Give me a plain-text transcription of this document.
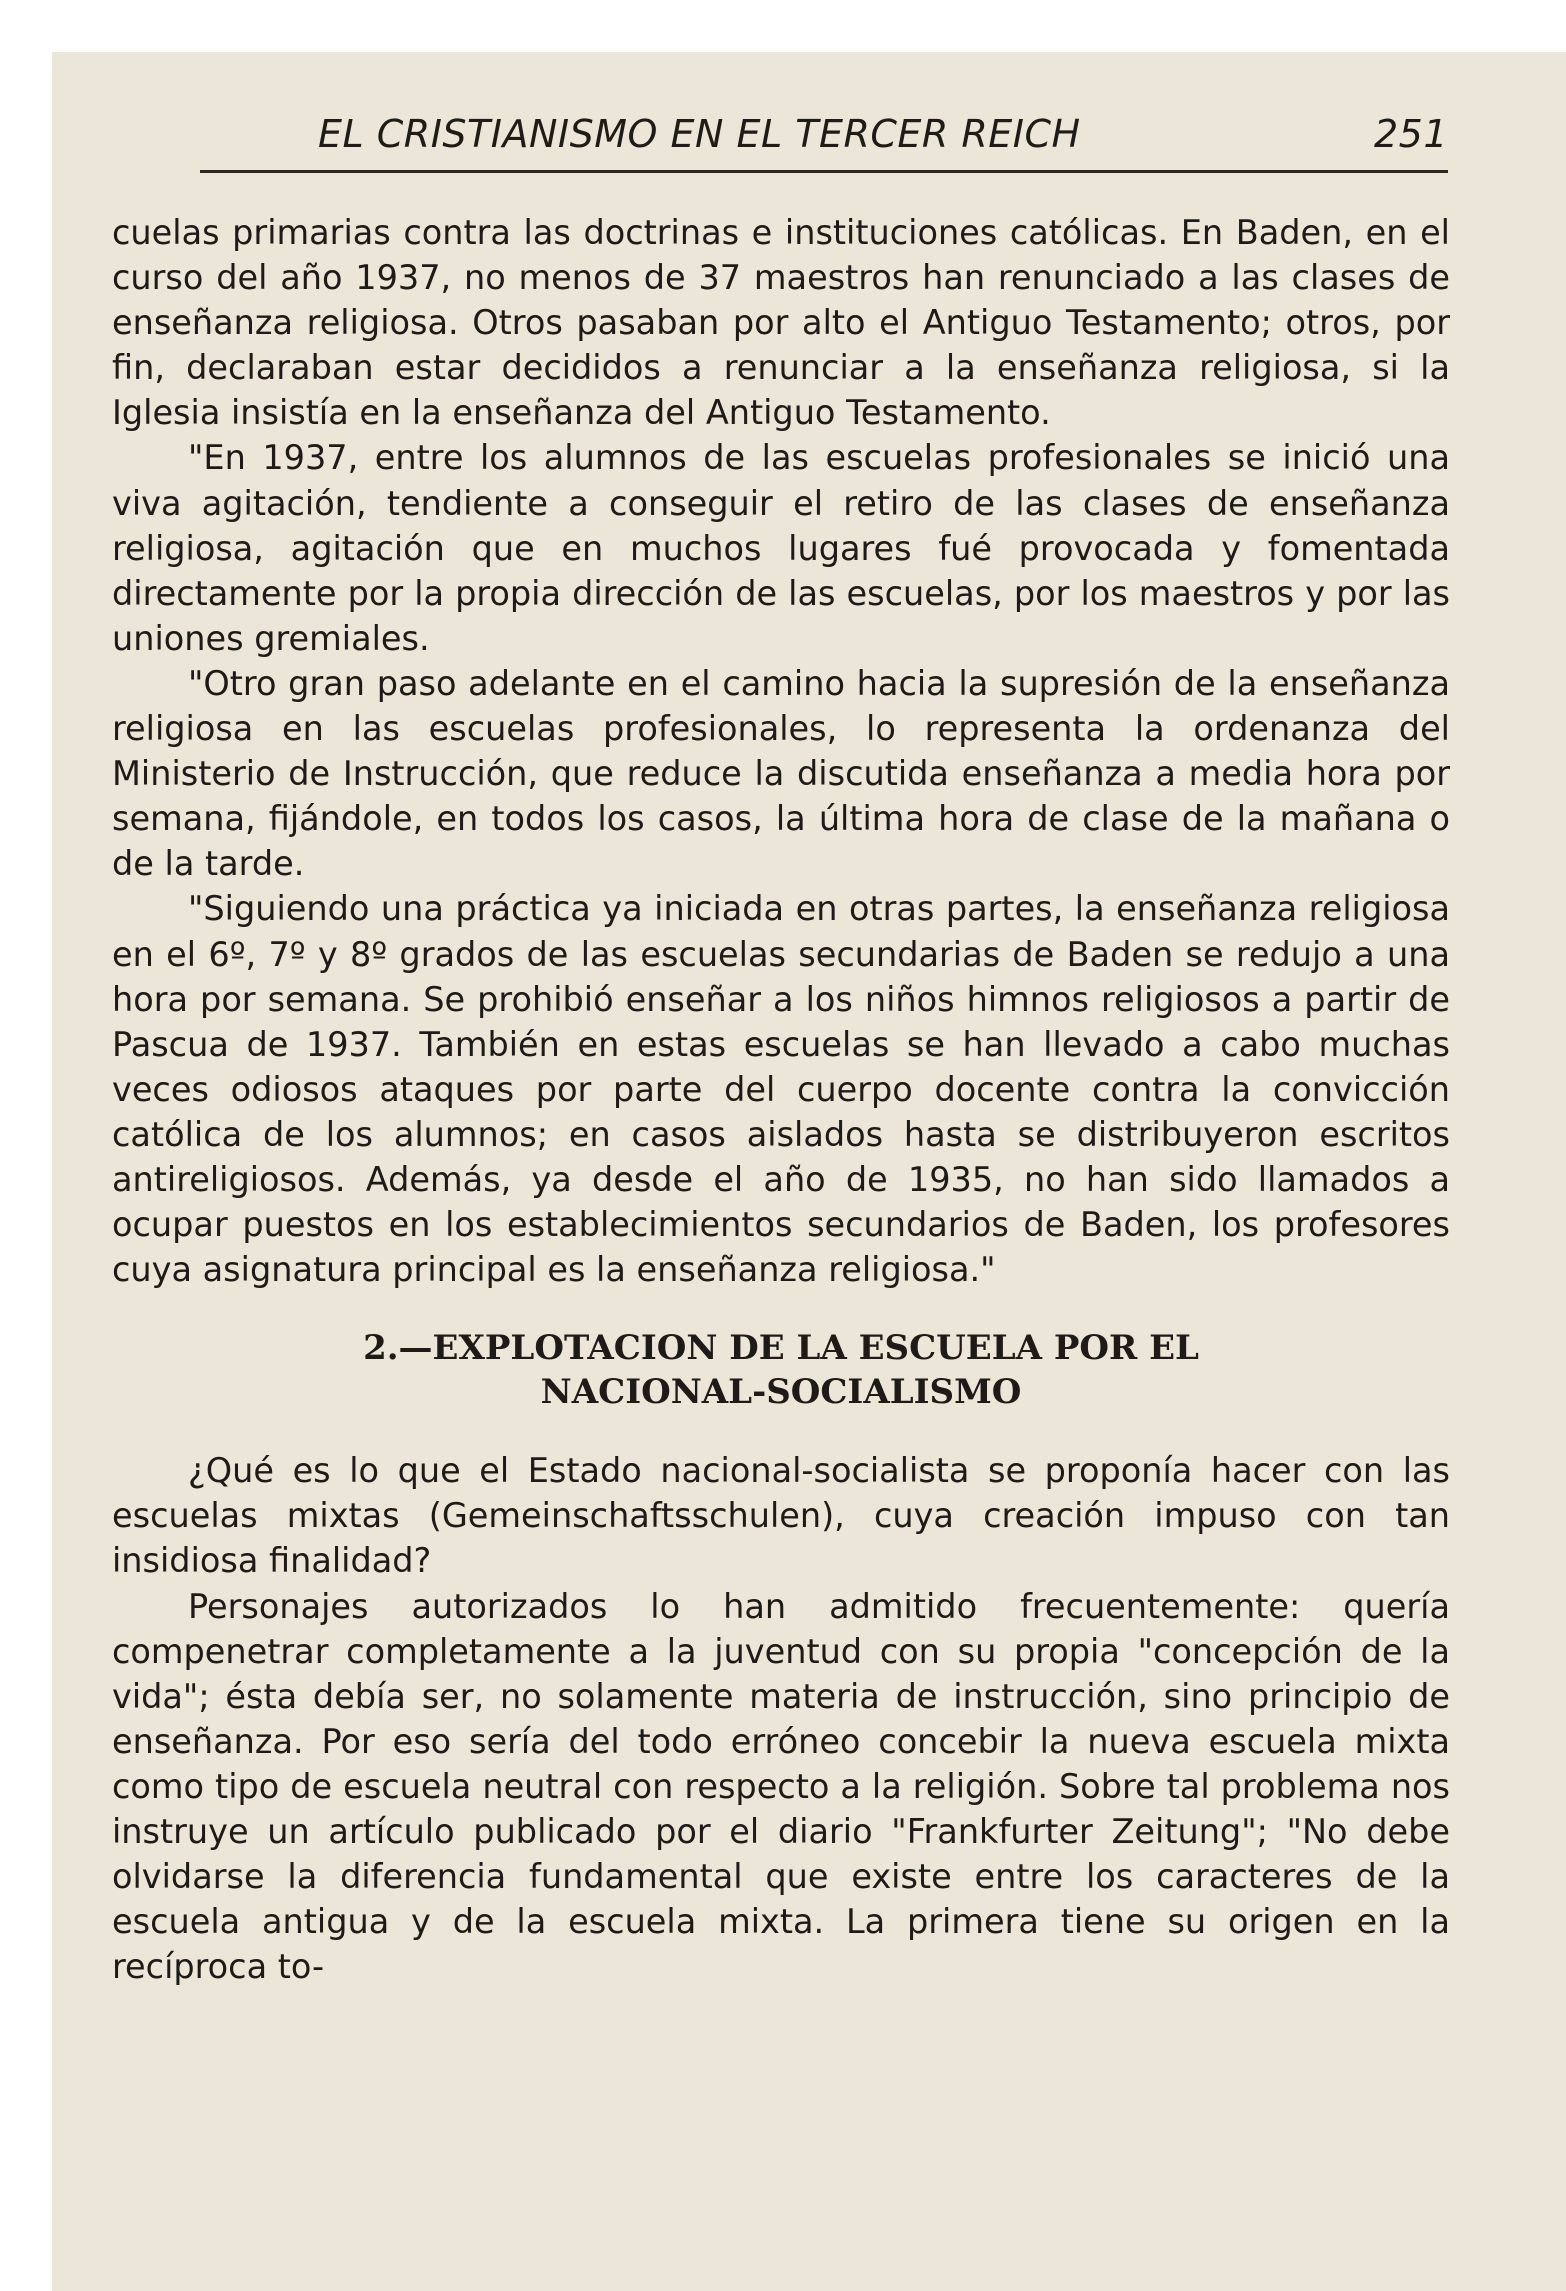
EL CRISTIANISMO EN EL TERCER REICH	251

cuelas primarias contra las doctrinas e instituciones católicas. En Baden, en el curso del año 1937, no menos de 37 maestros han renunciado a las clases de enseñanza religiosa. Otros pasaban por alto el Antiguo Testamento; otros, por fin, declaraban estar decididos a renunciar a la enseñanza religiosa, si la Iglesia insistía en la enseñanza del Antiguo Testamento.

"En 1937, entre los alumnos de las escuelas profesionales se inició una viva agitación, tendiente a conseguir el retiro de las clases de enseñanza religiosa, agitación que en muchos lugares fué provocada y fomentada directamente por la propia dirección de las escuelas, por los maestros y por las uniones gremiales.

"Otro gran paso adelante en el camino hacia la supresión de la enseñanza religiosa en las escuelas profesionales, lo representa la ordenanza del Ministerio de Instrucción, que reduce la discutida enseñanza a media hora por semana, fijándole, en todos los casos, la última hora de clase de la mañana o de la tarde.

"Siguiendo una práctica ya iniciada en otras partes, la enseñanza religiosa en el 6º, 7º y 8º grados de las escuelas secundarias de Baden se redujo a una hora por semana. Se prohibió enseñar a los niños himnos religiosos a partir de Pascua de 1937. También en estas escuelas se han llevado a cabo muchas veces odiosos ataques por parte del cuerpo docente contra la convicción católica de los alumnos; en casos aislados hasta se distribuyeron escritos antireligiosos. Además, ya desde el año de 1935, no han sido llamados a ocupar puestos en los establecimientos secundarios de Baden, los profesores cuya asignatura principal es la enseñanza religiosa."

2.—EXPLOTACION DE LA ESCUELA POR EL
NACIONAL-SOCIALISMO

¿Qué es lo que el Estado nacional-socialista se proponía hacer con las escuelas mixtas (Gemeinschaftsschulen), cuya creación impuso con tan insidiosa finalidad?

Personajes autorizados lo han admitido frecuentemente: quería compenetrar completamente a la juventud con su propia "concepción de la vida"; ésta debía ser, no solamente materia de instrucción, sino principio de enseñanza. Por eso sería del todo erróneo concebir la nueva escuela mixta como tipo de escuela neutral con respecto a la religión. Sobre tal problema nos instruye un artículo publicado por el diario "Frankfurter Zeitung"; "No debe olvidarse la diferencia fundamental que existe entre los caracteres de la escuela antigua y de la escuela mixta. La primera tiene su origen en la recíproca to-
